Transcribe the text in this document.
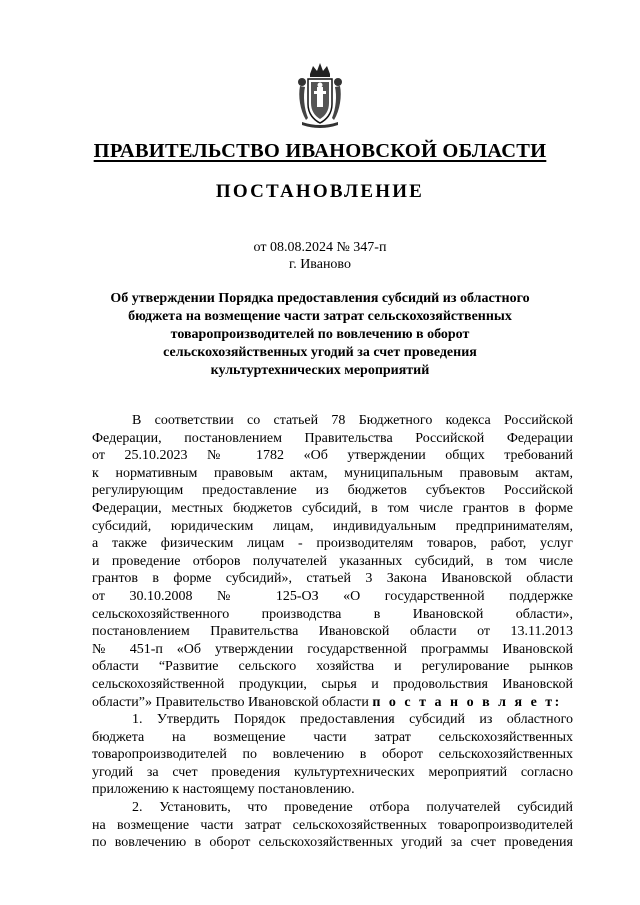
ПРАВИТЕЛЬСТВО ИВАНОВСКОЙ ОБЛАСТИ
ПОСТАНОВЛЕНИЕ
от 08.08.2024 № 347-п
г. Иваново
Об утверждении Порядка предоставления субсидий из областного бюджета на возмещение части затрат сельскохозяйственных товаропроизводителей по вовлечению в оборот сельскохозяйственных угодий за счет проведения культуртехнических мероприятий
В соответствии со статьей 78 Бюджетного кодекса Российской
Федерации, постановлением Правительства Российской Федерации
от 25.10.2023 № 1782 «Об утверждении общих требований
к нормативным правовым актам, муниципальным правовым актам,
регулирующим предоставление из бюджетов субъектов Российской
Федерации, местных бюджетов субсидий, в том числе грантов в форме
субсидий, юридическим лицам, индивидуальным предпринимателям,
а также физическим лицам - производителям товаров, работ, услуг
и проведение отборов получателей указанных субсидий, в том числе
грантов в форме субсидий», статьей 3 Закона Ивановской области
от 30.10.2008 № 125-ОЗ «О государственной поддержке
сельскохозяйственного производства в Ивановской области»,
постановлением Правительства Ивановской области от 13.11.2013
№ 451-п «Об утверждении государственной программы Ивановской
области “Развитие сельского хозяйства и регулирование рынков
сельскохозяйственной продукции, сырья и продовольствия Ивановской
области”» Правительство Ивановской области п о с т а н о в л я е т:
1. Утвердить Порядок предоставления субсидий из областного
бюджета на возмещение части затрат сельскохозяйственных
товаропроизводителей по вовлечению в оборот сельскохозяйственных
угодий за счет проведения культуртехнических мероприятий согласно
приложению к настоящему постановлению.
2. Установить, что проведение отбора получателей субсидий
на возмещение части затрат сельскохозяйственных товаропроизводителей
по вовлечению в оборот сельскохозяйственных угодий за счет проведения
